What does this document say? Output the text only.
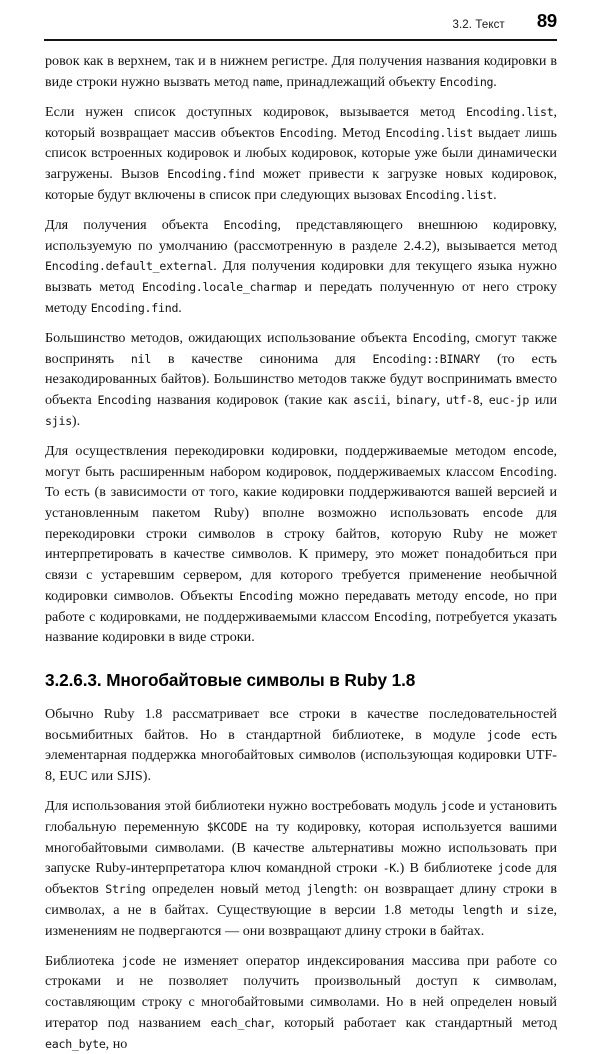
3.2. Текст 89

ровок как в верхнем, так и в нижнем регистре. Для получения названия кодировки в виде строки нужно вызвать метод name, принадлежащий объекту Encoding.

Если нужен список доступных кодировок, вызывается метод Encoding.list, который возвращает массив объектов Encoding. Метод Encoding.list выдает лишь список встроенных кодировок и любых кодировок, которые уже были динамически загружены. Вызов Encoding.find может привести к загрузке новых кодировок, которые будут включены в список при следующих вызовах Encoding.list.

Для получения объекта Encoding, представляющего внешнюю кодировку, используемую по умолчанию (рассмотренную в разделе 2.4.2), вызывается метод Encoding.default_external. Для получения кодировки для текущего языка нужно вызвать метод Encoding.locale_charmap и передать полученную от него строку методу Encoding.find.

Большинство методов, ожидающих использование объекта Encoding, смогут также воспринять nil в качестве синонима для Encoding::BINARY (то есть незакодированных байтов). Большинство методов также будут воспринимать вместо объекта Encoding названия кодировок (такие как ascii, binary, utf-8, euc-jp или sjis).

Для осуществления перекодировки кодировки, поддерживаемые методом encode, могут быть расширенным набором кодировок, поддерживаемых классом Encoding. То есть (в зависимости от того, какие кодировки поддерживаются вашей версией и установленным пакетом Ruby) вполне возможно использовать encode для перекодировки строки символов в строку байтов, которую Ruby не может интерпретировать в качестве символов. К примеру, это может понадобиться при связи с устаревшим сервером, для которого требуется применение необычной кодировки символов. Объекты Encoding можно передавать методу encode, но при работе с кодировками, не поддерживаемыми классом Encoding, потребуется указать название кодировки в виде строки.

3.2.6.3. Многобайтовые символы в Ruby 1.8

Обычно Ruby 1.8 рассматривает все строки в качестве последовательностей восьмибитных байтов. Но в стандартной библиотеке, в модуле jcode есть элементарная поддержка многобайтовых символов (использующая кодировки UTF-8, EUC или SJIS).

Для использования этой библиотеки нужно востребовать модуль jcode и установить глобальную переменную $KCODE на ту кодировку, которая используется вашими многобайтовыми символами. (В качестве альтернативы можно использовать при запуске Ruby-интерпретатора ключ командной строки -K.) В библиотеке jcode для объектов String определен новый метод jlength: он возвращает длину строки в символах, а не в байтах. Существующие в версии 1.8 методы length и size, изменениям не подвергаются — они возвращают длину строки в байтах.

Библиотека jcode не изменяет оператор индексирования массива при работе со строками и не позволяет получить произвольный доступ к символам, составляющим строку с многобайтовыми символами. Но в ней определен новый итератор под названием each_char, который работает как стандартный метод each_byte, но
